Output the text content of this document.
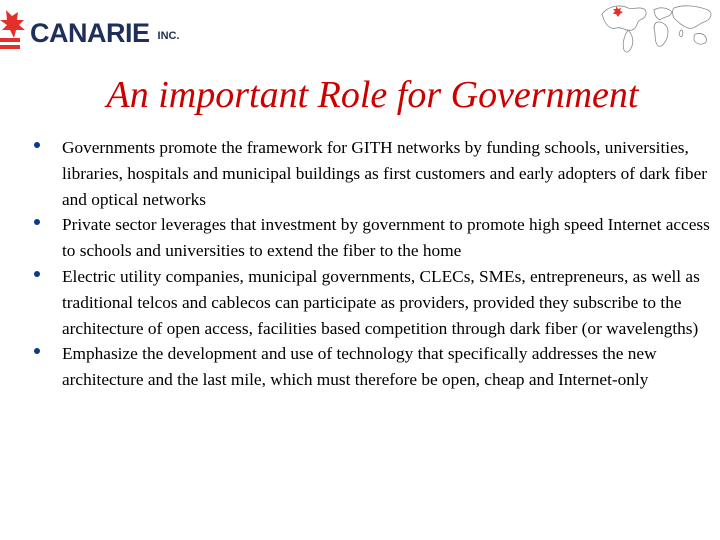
CANARIE INC.
An important Role for Government
Governments promote the framework for GITH networks by funding schools, universities, libraries, hospitals and municipal buildings as first customers and early adopters of dark fiber and optical networks
Private sector leverages that investment by government to promote high speed Internet access to schools and universities to extend the fiber to the home
Electric utility companies, municipal governments, CLECs, SMEs, entrepreneurs, as well as traditional telcos and cablecos can participate as providers, provided they subscribe to the architecture of open access, facilities based competition through dark fiber (or wavelengths)
Emphasize the development and use of technology that specifically addresses the new architecture and the last mile, which must therefore be open, cheap and Internet-only
